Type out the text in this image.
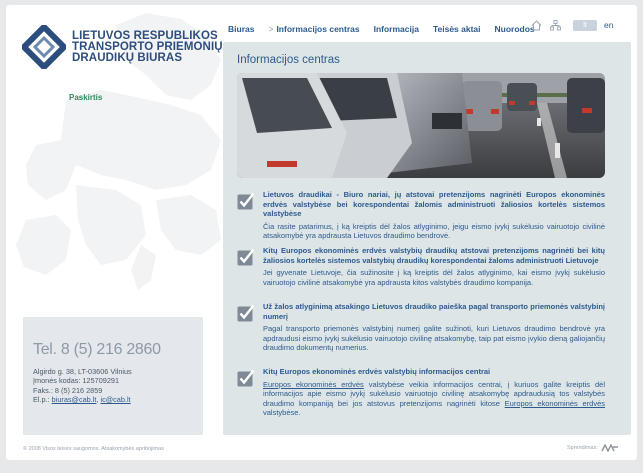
LIETUVOS RESPUBLIKOS
TRANSPORTO PRIEMONIŲ
DRAUDIKŲ BIURAS
Biuras > Informacijos centras Informacija Teisės aktai Nuorodos	lt	en
Paskirtis
Tel. 8 (5) 216 2860
Algirdo g. 38, LT-03606 Vilnius
Įmonės kodas: 125709291
Faks.: 8 (5) 216 2859
El.p.: biuras@cab.lt, ic@cab.lt
Informacijos centras
Lietuvos draudikai - Biuro nariai, jų atstovai pretenzijoms nagrinėti Europos ekonominės erdvės valstybėse bei korespondentai žalomis administruoti žaliosios kortelės sistemos valstybėse
Čia rasite patarimus, į ką kreiptis dėl žalos atlyginimo, jeigu eismo įvykį sukėlusio vairuotojo civilinė atsakomybė yra apdrausta Lietuvos draudimo bendrovė.
Kitų Europos ekonominės erdvės valstybių draudikų atstovai pretenzijoms nagrinėti bei kitų žaliosios kortelės sistemos valstybių draudikų korespondentai žaloms administruoti Lietuvoje
Jei gyvenate Lietuvoje, čia sužinosite į ką kreiptis dėl žalos atlyginimo, kai eismo įvykį sukėlusio vairuotojo civilinė atsakomybė yra apdrausta kitos valstybės draudimo kompanija.
Už žalos atlyginimą atsakingo Lietuvos draudiko paieška pagal transporto priemonės valstybinį numerį
Pagal transporto priemonės valstybinį numerį galite sužinoti, kuri Lietuvos draudimo bendrovė yra apdraudusi eismo įvykį sukėlusio vairuotojo civilinę atsakomybę, taip pat eismo įvykio dieną galiojančių draudimo dokumentų numerius.
Kitų Europos ekonominės erdvės valstybių informacijos centrai
Europos ekonominės erdvės valstybėse veikia informacijos centrai, į kuriuos galite kreiptis dėl informacijos apie eismo įvykį sukėlusio vairuotojo civilinę atsakomybę apdraudusią tos valstybės draudimo kompaniją bei jos atstovus pretenzijoms nagrinėti kitose Europos ekonominės erdvės valstybėse.
© 2008 Visos teisės saugomos. Atsakomybės apribojimas	Sprendimas:
